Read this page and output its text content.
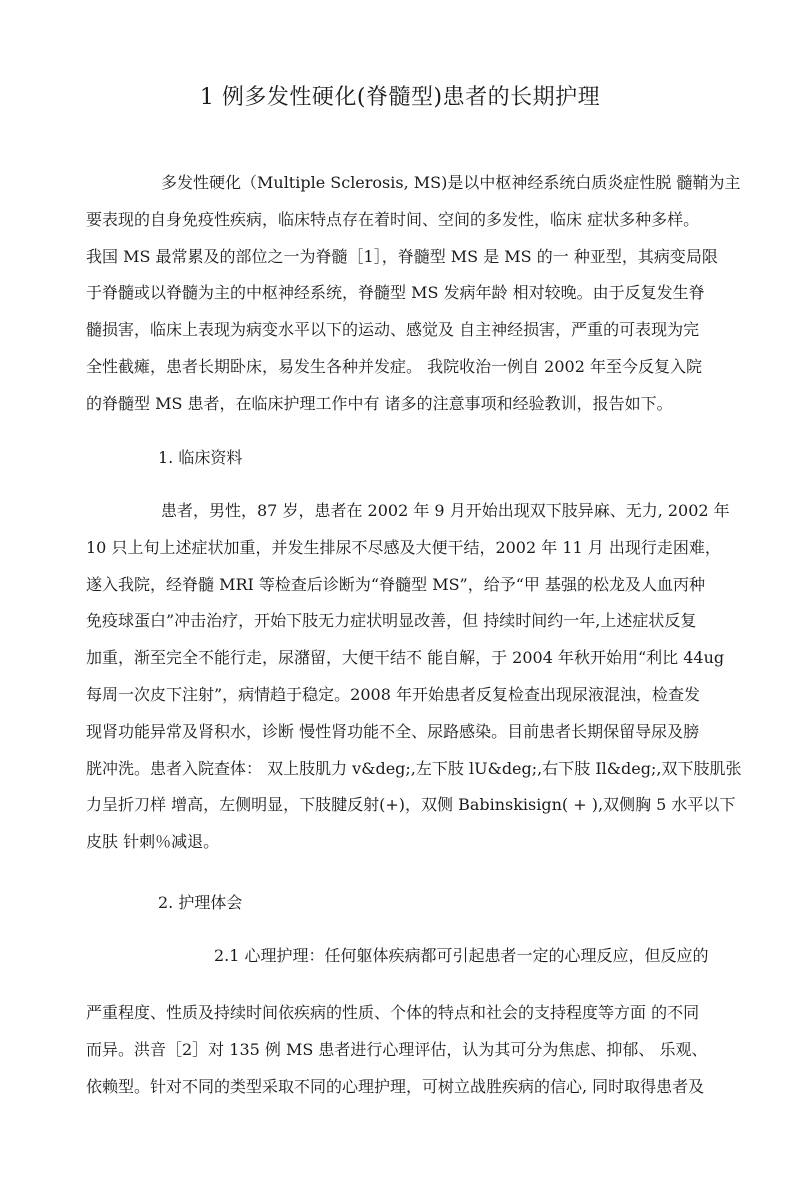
1 例多发性硬化(脊髓型)患者的长期护理
多发性硬化（Multiple Sclerosis, MS)是以中枢神经系统白质炎症性脱 髓鞘为主
要表现的自身免疫性疾病，临床特点存在着时间、空间的多发性，临床 症状多种多样。
我国 MS 最常累及的部位之一为脊髓［1］，脊髓型 MS 是 MS 的一 种亚型，其病变局限
于脊髓或以脊髓为主的中枢神经系统，脊髓型 MS 发病年龄 相对较晚。由于反复发生脊
髓损害，临床上表现为病变水平以下的运动、感觉及 自主神经损害，严重的可表现为完
全性截瘫，患者长期卧床，易发生各种并发症。 我院收治一例自 2002 年至今反复入院
的脊髓型 MS 患者，在临床护理工作中有 诸多的注意事项和经验教训，报告如下。
1. 临床资料
患者，男性，87 岁，患者在 2002 年 9 月开始出现双下肢异麻、无力, 2002 年
10 只上旬上述症状加重，并发生排尿不尽感及大便干结，2002 年 11 月 出现行走困难，
遂入我院，经脊髓 MRI 等检查后诊断为“脊髓型 MS”，给予“甲 基强的松龙及人血丙种
免疫球蛋白”冲击治疗，开始下肢无力症状明显改善，但 持续时间约一年,上述症状反复
加重，渐至完全不能行走，尿潴留，大便干结不 能自解，于 2004 年秋开始用“利比 44ug
每周一次皮下注射”，病情趋于稳定。2008 年开始患者反复检查出现尿液混浊，检查发
现肾功能异常及肾积水，诊断 慢性肾功能不全、尿路感染。目前患者长期保留导尿及膀
胱冲洗。患者入院查体： 双上肢肌力 v&deg;,左下肢 lU&deg;,右下肢 Il&deg;,双下肢肌张
力呈折刀样 增高，左侧明显，下肢腱反射(+)，双侧 Babinskisign( + ),双侧胸 5 水平以下
皮肤 针刺％减退。
2. 护理体会
2.1 心理护理：任何躯体疾病都可引起患者一定的心理反应，但反应的
严重程度、性质及持续时间依疾病的性质、个体的特点和社会的支持程度等方面 的不同
而异。洪音［2］对 135 例 MS 患者进行心理评估，认为其可分为焦虑、抑郁、 乐观、
依赖型。针对不同的类型采取不同的心理护理，可树立战胜疾病的信心, 同时取得患者及
